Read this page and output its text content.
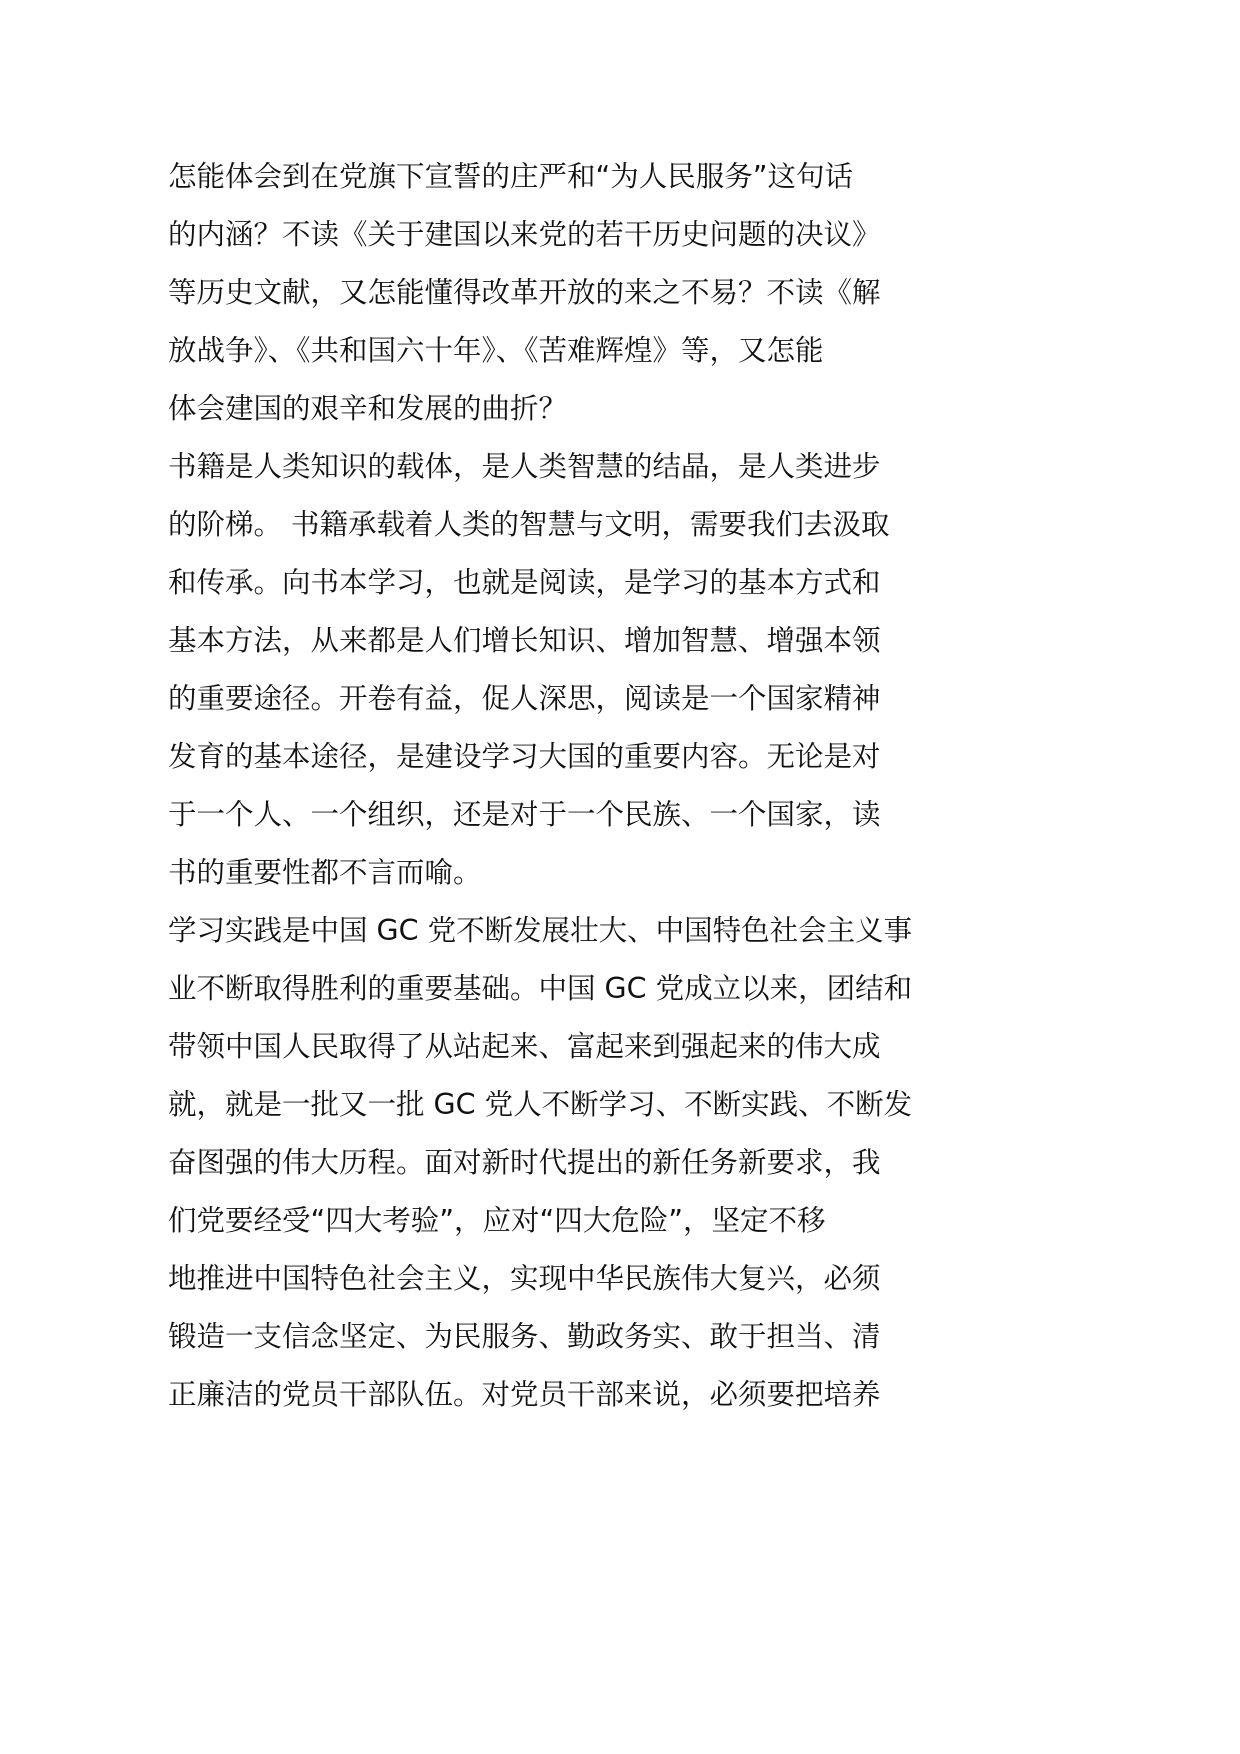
怎能体会到在党旗下宣誓的庄严和“为人民服务”这句话
的内涵？不读《关于建国以来党的若干历史问题的决议》
等历史文献，又怎能懂得改革开放的来之不易？不读《解
放战争》、《共和国六十年》、《苦难辉煌》等，又怎能
体会建国的艰辛和发展的曲折？
书籍是人类知识的载体，是人类智慧的结晶，是人类进步
的阶梯。 书籍承载着人类的智慧与文明，需要我们去汲取
和传承。向书本学习，也就是阅读，是学习的基本方式和
基本方法，从来都是人们增长知识、增加智慧、增强本领
的重要途径。开卷有益，促人深思，阅读是一个国家精神
发育的基本途径，是建设学习大国的重要内容。无论是对
于一个人、一个组织，还是对于一个民族、一个国家，读
书的重要性都不言而喻。
学习实践是中国 GC 党不断发展壮大、中国特色社会主义事
业不断取得胜利的重要基础。中国 GC 党成立以来，团结和
带领中国人民取得了从站起来、富起来到强起来的伟大成
就，就是一批又一批 GC 党人不断学习、不断实践、不断发
奋图强的伟大历程。面对新时代提出的新任务新要求，我
们党要经受“四大考验”，应对“四大危险”，坚定不移
地推进中国特色社会主义，实现中华民族伟大复兴，必须
锻造一支信念坚定、为民服务、勤政务实、敢于担当、清
正廉洁的党员干部队伍。对党员干部来说，必须要把培养
